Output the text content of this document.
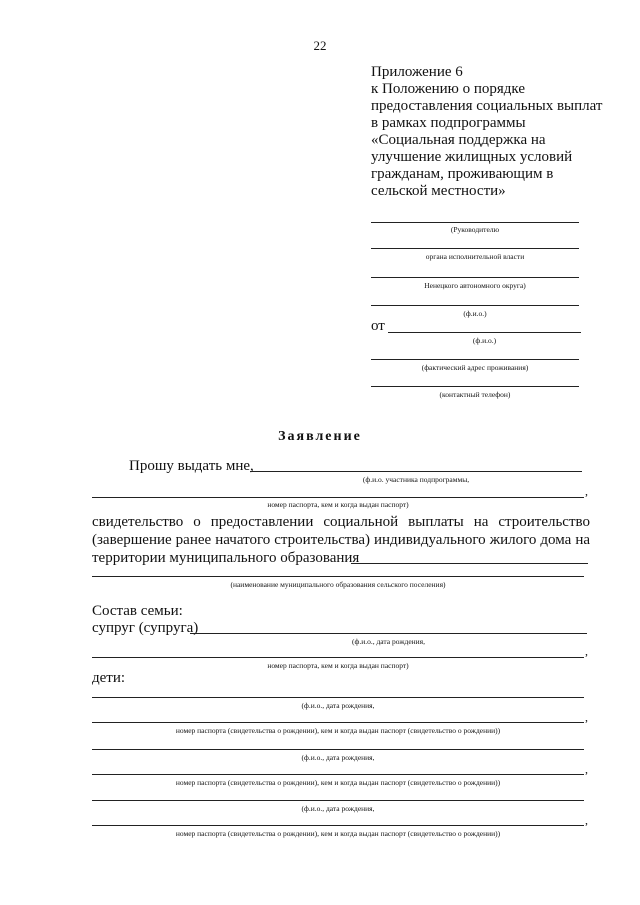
22
Приложение 6
к Положению о порядке
предоставления социальных выплат
в рамках подпрограммы
«Социальная поддержка на
улучшение жилищных условий
гражданам, проживающим в
сельской местности»
(Руководителю
органа исполнительной власти
Ненецкого автономного округа)
(ф.и.о.)
от
(ф.и.о.)
(фактический адрес проживания)
(контактный телефон)
Заявление
Прошу выдать мне,
(ф.и.о. участника подпрограммы,
,
номер паспорта, кем и когда выдан паспорт)
свидетельство о предоставлении социальной выплаты на строительство
(завершение ранее начатого строительства) индивидуального жилого дома на
территории муниципального образования
(наименование муниципального образования сельского поселения)
Состав семьи:
супруг (супруга)
(ф.и.о., дата рождения,
,
номер паспорта, кем и когда выдан паспорт)
дети:
(ф.и.о., дата рождения,
,
номер паспорта (свидетельства о рождении), кем и когда выдан паспорт (свидетельство о рождении))
(ф.и.о., дата рождения,
,
номер паспорта (свидетельства о рождении), кем и когда выдан паспорт (свидетельство о рождении))
(ф.и.о., дата рождения,
,
номер паспорта (свидетельства о рождении), кем и когда выдан паспорт (свидетельство о рождении))
